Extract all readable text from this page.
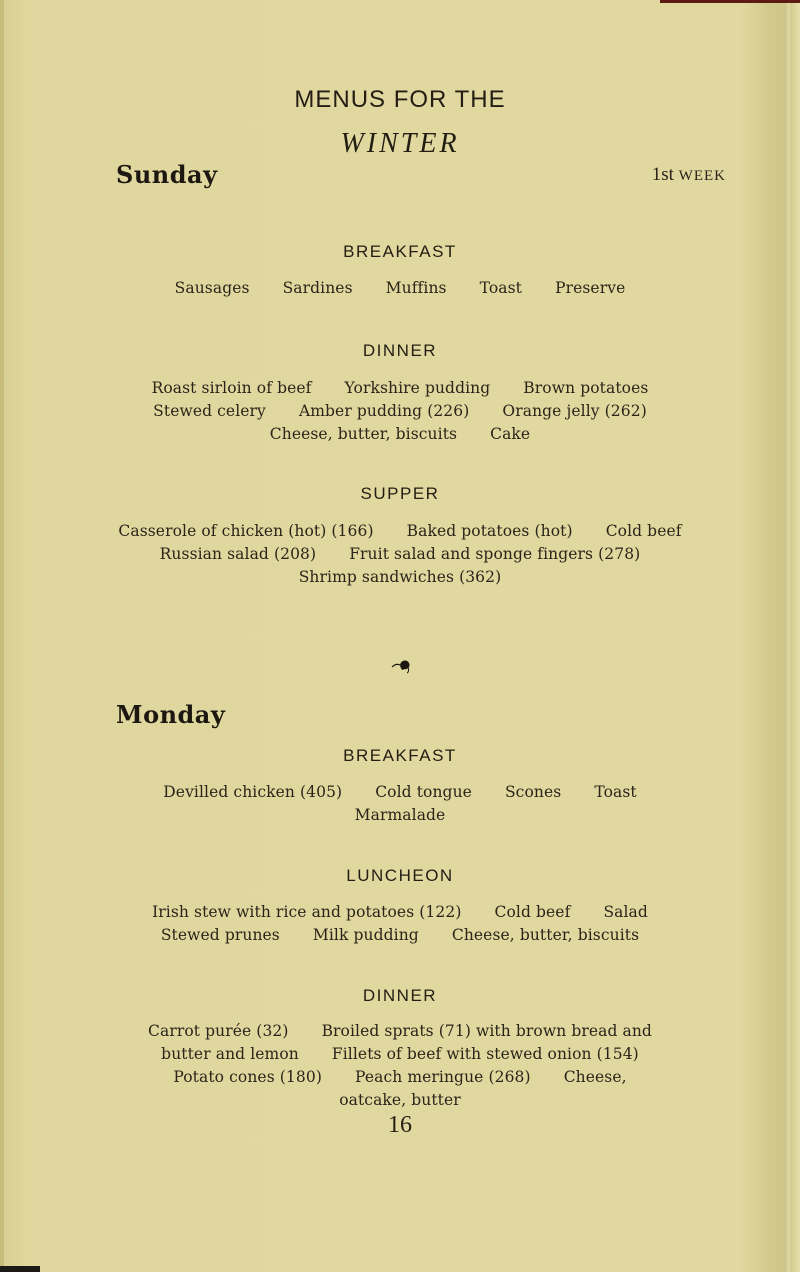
MENUS FOR THE
WINTER
Sunday	1st WEEK
BREAKFAST
Sausages Sardines Muffins Toast Preserve
DINNER
Roast sirloin of beef Yorkshire pudding Brown potatoes
Stewed celery Amber pudding (226) Orange jelly (262)
Cheese, butter, biscuits Cake
SUPPER
Casserole of chicken (hot) (166) Baked potatoes (hot) Cold beef
Russian salad (208) Fruit salad and sponge fingers (278)
Shrimp sandwiches (362)
Monday
BREAKFAST
Devilled chicken (405) Cold tongue Scones Toast
Marmalade
LUNCHEON
Irish stew with rice and potatoes (122) Cold beef Salad
Stewed prunes Milk pudding Cheese, butter, biscuits
DINNER
Carrot purée (32) Broiled sprats (71) with brown bread and
butter and lemon Fillets of beef with stewed onion (154)
Potato cones (180) Peach meringue (268) Cheese,
oatcake, butter
16
